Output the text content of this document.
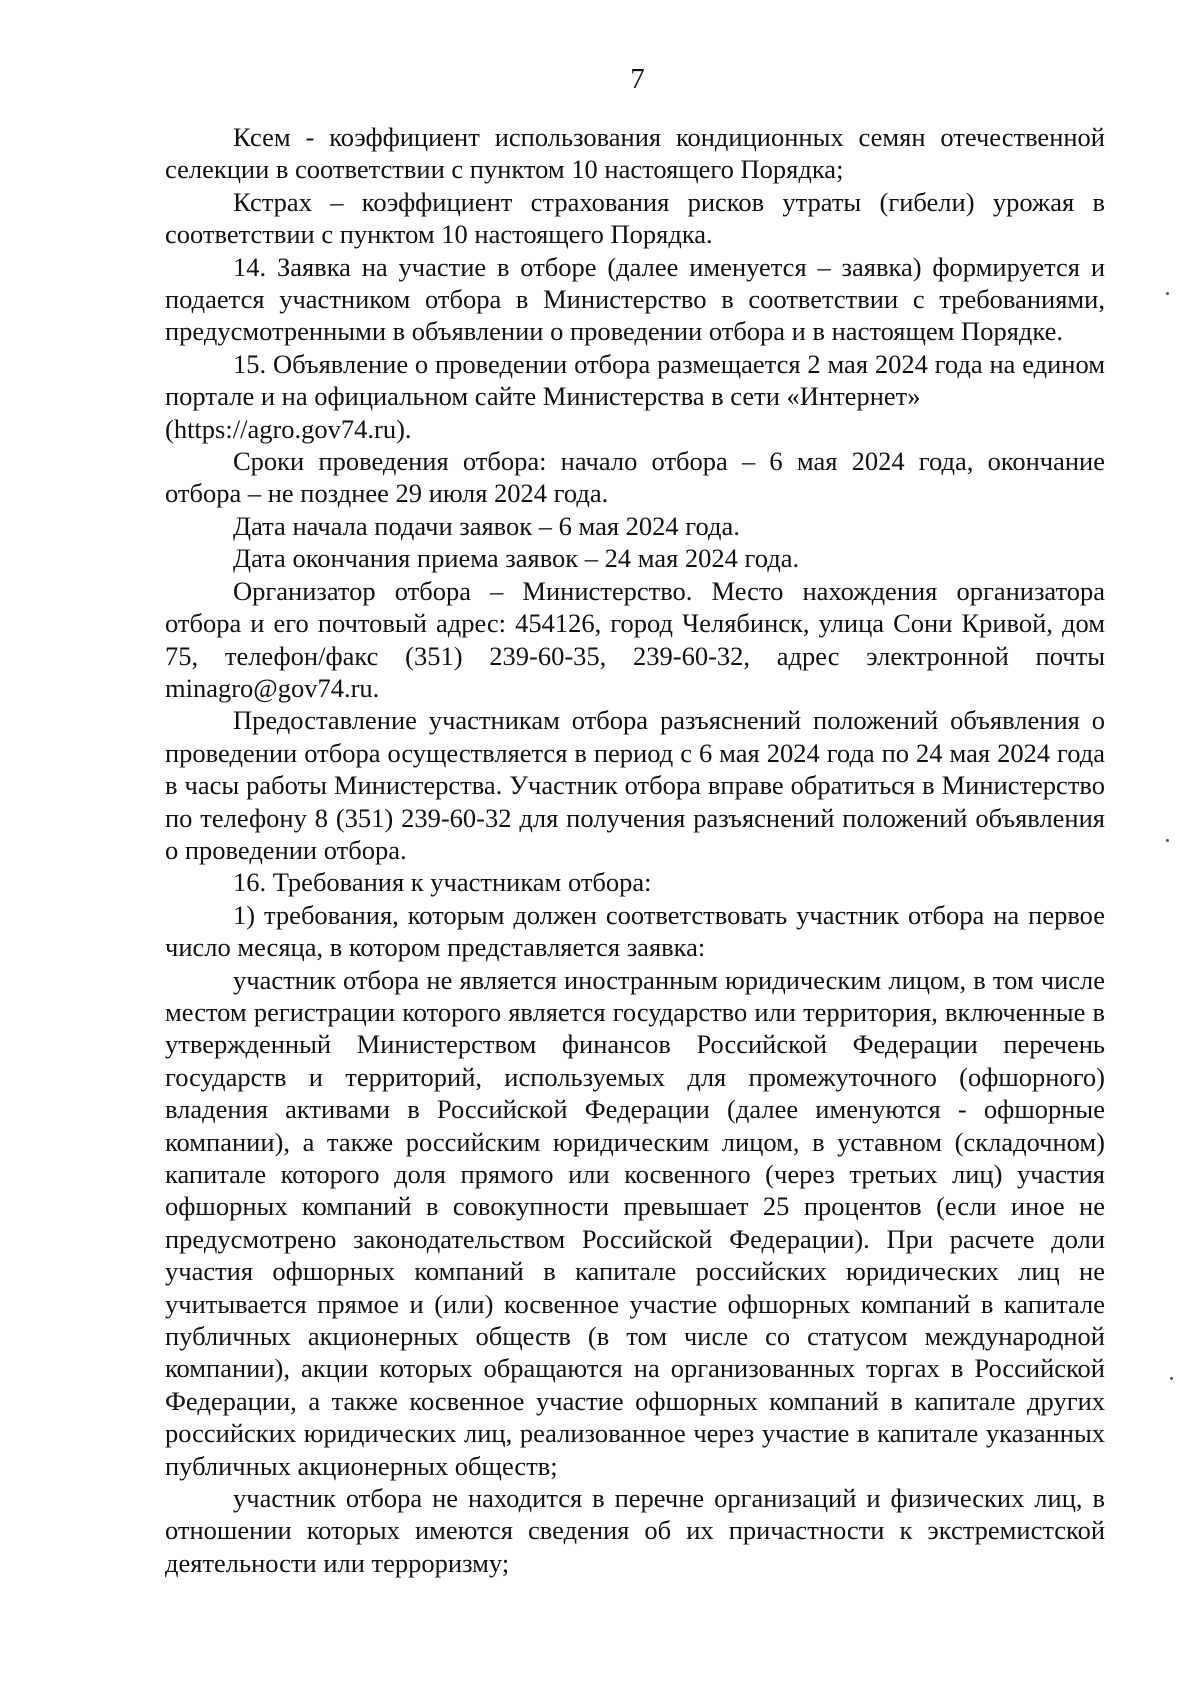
7

Ксем - коэффициент использования кондиционных семян отечественной селекции в соответствии с пунктом 10 настоящего Порядка;

Кстрах – коэффициент страхования рисков утраты (гибели) урожая в соответствии с пунктом 10 настоящего Порядка.

14. Заявка на участие в отборе (далее именуется – заявка) формируется и подается участником отбора в Министерство в соответствии с требованиями, предусмотренными в объявлении о проведении отбора и в настоящем Порядке.

15. Объявление о проведении отбора размещается 2 мая 2024 года на едином портале и на официальном сайте Министерства в сети «Интернет»

(https://agro.gov74.ru).

Сроки проведения отбора: начало отбора – 6 мая 2024 года, окончание отбора – не позднее 29 июля 2024 года.

Дата начала подачи заявок – 6 мая 2024 года.

Дата окончания приема заявок – 24 мая 2024 года.

Организатор отбора – Министерство. Место нахождения организатора отбора и его почтовый адрес: 454126, город Челябинск, улица Сони Кривой, дом 75, телефон/факс (351) 239-60-35, 239-60-32, адрес электронной почты minagro@gov74.ru.

Предоставление участникам отбора разъяснений положений объявления о проведении отбора осуществляется в период с 6 мая 2024 года по 24 мая 2024 года в часы работы Министерства. Участник отбора вправе обратиться в Министерство по телефону 8 (351) 239-60-32 для получения разъяснений положений объявления о проведении отбора.

16. Требования к участникам отбора:

1) требования, которым должен соответствовать участник отбора на первое число месяца, в котором представляется заявка:

участник отбора не является иностранным юридическим лицом, в том числе местом регистрации которого является государство или территория, включенные в утвержденный Министерством финансов Российской Федерации перечень государств и территорий, используемых для промежуточного (офшорного) владения активами в Российской Федерации (далее именуются - офшорные компании), а также российским юридическим лицом, в уставном (складочном) капитале которого доля прямого или косвенного (через третьих лиц) участия офшорных компаний в совокупности превышает 25 процентов (если иное не предусмотрено законодательством Российской Федерации). При расчете доли участия офшорных компаний в капитале российских юридических лиц не учитывается прямое и (или) косвенное участие офшорных компаний в капитале публичных акционерных обществ (в том числе со статусом международной компании), акции которых обращаются на организованных торгах в Российской Федерации, а также косвенное участие офшорных компаний в капитале других российских юридических лиц, реализованное через участие в капитале указанных публичных акционерных обществ;

участник отбора не находится в перечне организаций и физических лиц, в отношении которых имеются сведения об их причастности к экстремистской деятельности или терроризму;
